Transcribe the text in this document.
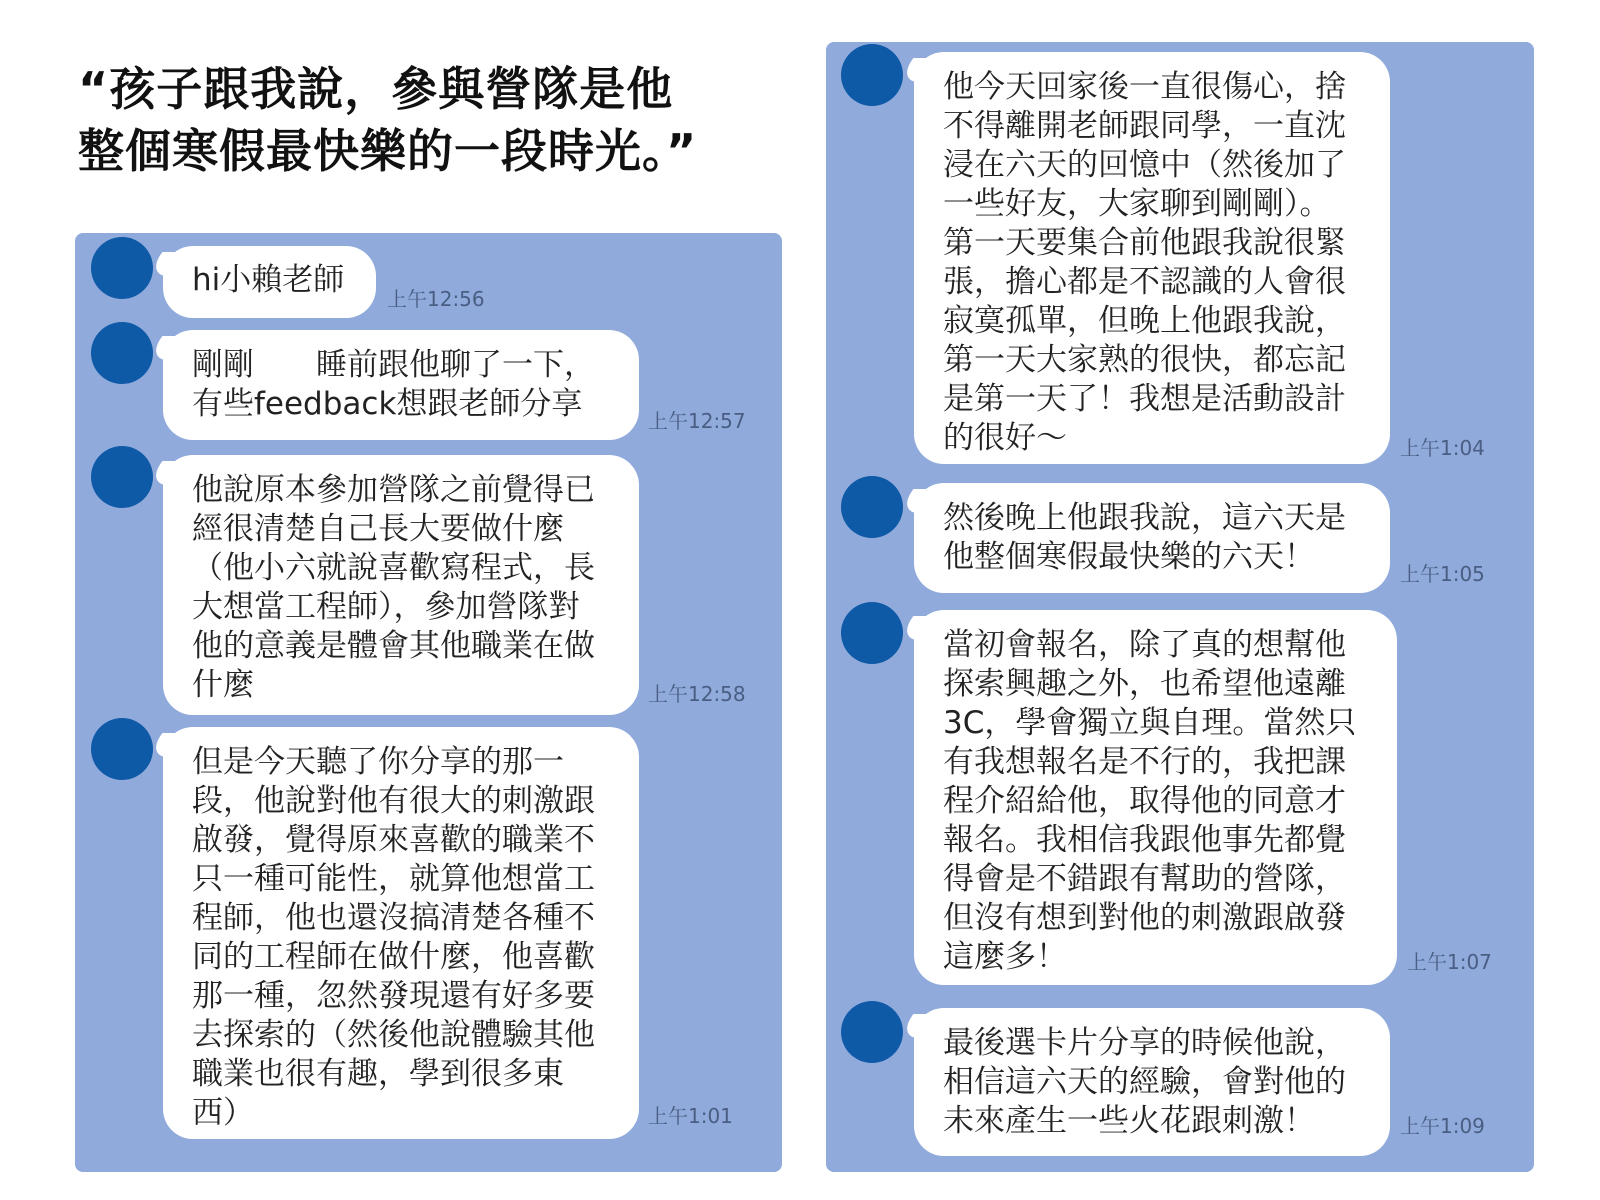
“孩子跟我說，參與營隊是他
整個寒假最快樂的一段時光。”
hi小賴老師
上午12:56
剛剛　　睡前跟他聊了一下，
有些feedback想跟老師分享	上午12:57
他說原本參加營隊之前覺得已
經很清楚自己長大要做什麼
（他小六就說喜歡寫程式，長
大想當工程師），參加營隊對
他的意義是體會其他職業在做
什麼	上午12:58
但是今天聽了你分享的那一
段，他說對他有很大的刺激跟
啟發，覺得原來喜歡的職業不
只一種可能性，就算他想當工
程師，他也還沒搞清楚各種不
同的工程師在做什麼，他喜歡
那一種，忽然發現還有好多要
去探索的（然後他說體驗其他
職業也很有趣，學到很多東
西）	上午1:01
他今天回家後一直很傷心，捨
不得離開老師跟同學，一直沈
浸在六天的回憶中（然後加了
一些好友，大家聊到剛剛）。
第一天要集合前他跟我說很緊
張，擔心都是不認識的人會很
寂寞孤單，但晚上他跟我說，
第一天大家熟的很快，都忘記
是第一天了！我想是活動設計
的很好～	上午1:04
然後晚上他跟我說，這六天是
他整個寒假最快樂的六天！	上午1:05
當初會報名，除了真的想幫他
探索興趣之外，也希望他遠離
3C，學會獨立與自理。當然只
有我想報名是不行的，我把課
程介紹給他，取得他的同意才
報名。我相信我跟他事先都覺
得會是不錯跟有幫助的營隊，
但沒有想到對他的刺激跟啟發
這麼多！	上午1:07
最後選卡片分享的時候他說，
相信這六天的經驗，會對他的
未來產生一些火花跟刺激！	上午1:09
